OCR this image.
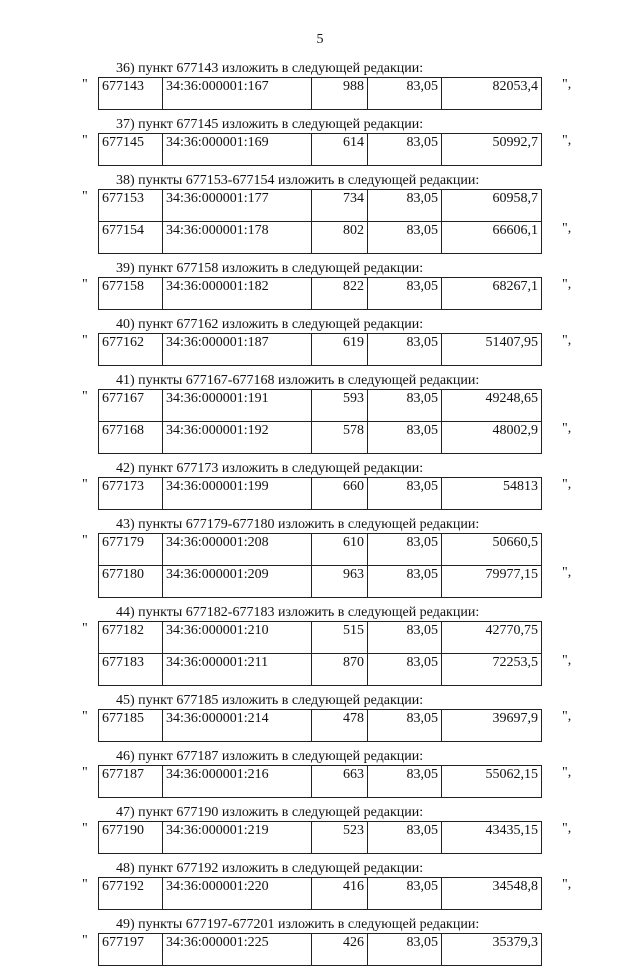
5
36) пункт 677143 изложить в следующей редакции:
" 677143	34:36:000001:167	988	83,05	82053,4 ",
37) пункт 677145 изложить в следующей редакции:
" 677145	34:36:000001:169	614	83,05	50992,7 ",
38) пункты 677153-677154 изложить в следующей редакции:
" 677153	34:36:000001:177	734	83,05	60958,7
677154	34:36:000001:178	802	83,05	66606,1 ",
39) пункт 677158 изложить в следующей редакции:
" 677158	34:36:000001:182	822	83,05	68267,1 ",
40) пункт 677162 изложить в следующей редакции:
" 677162	34:36:000001:187	619	83,05	51407,95 ",
41) пункты 677167-677168 изложить в следующей редакции:
" 677167	34:36:000001:191	593	83,05	49248,65
677168	34:36:000001:192	578	83,05	48002,9 ",
42) пункт 677173 изложить в следующей редакции:
" 677173	34:36:000001:199	660	83,05	54813 ",
43) пункты 677179-677180 изложить в следующей редакции:
" 677179	34:36:000001:208	610	83,05	50660,5
677180	34:36:000001:209	963	83,05	79977,15 ",
44) пункты 677182-677183 изложить в следующей редакции:
" 677182	34:36:000001:210	515	83,05	42770,75
677183	34:36:000001:211	870	83,05	72253,5 ",
45) пункт 677185 изложить в следующей редакции:
" 677185	34:36:000001:214	478	83,05	39697,9 ",
46) пункт 677187 изложить в следующей редакции:
" 677187	34:36:000001:216	663	83,05	55062,15 ",
47) пункт 677190 изложить в следующей редакции:
" 677190	34:36:000001:219	523	83,05	43435,15 ",
48) пункт 677192 изложить в следующей редакции:
" 677192	34:36:000001:220	416	83,05	34548,8 ",
49) пункты 677197-677201 изложить в следующей редакции:
" 677197	34:36:000001:225	426	83,05	35379,3
